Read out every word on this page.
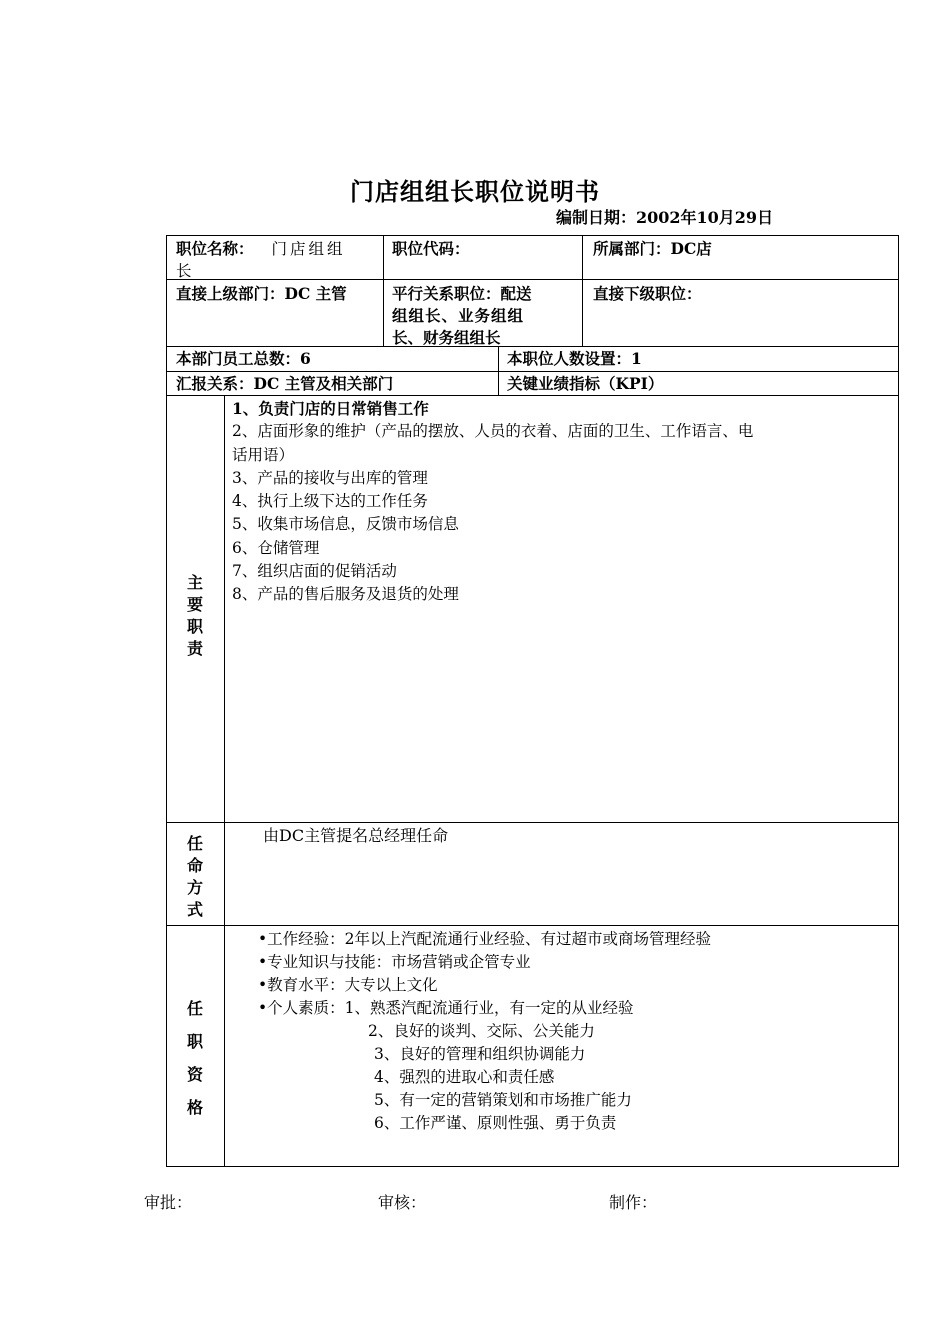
门店组组长职位说明书
编制日期：2002年10月29日
职位名称： 门店组组
长
职位代码：	所属部门：DC店
直接上级部门：DC 主管	平行关系职位：配送
组组长、业务组组
长、财务组组长
直接下级职位：
本部门员工总数：6	本职位人数设置：1
汇报关系：DC 主管及相关部门	关键业绩指标（KPI）
主
要
职
责
1、负责门店的日常销售工作
2、店面形象的维护（产品的摆放、人员的衣着、店面的卫生、工作语言、电
话用语）
3、产品的接收与出库的管理
4、执行上级下达的工作任务
5、收集市场信息，反馈市场信息
6、仓储管理
7、组织店面的促销活动
8、产品的售后服务及退货的处理
任
命
方
式
由DC主管提名总经理任命
任
职
资
格
•工作经验：2年以上汽配流通行业经验、有过超市或商场管理经验
•专业知识与技能：市场营销或企管专业
•教育水平：大专以上文化
•个人素质：1、熟悉汽配流通行业，有一定的从业经验
2、良好的谈判、交际、公关能力
3、良好的管理和组织协调能力
4、强烈的进取心和责任感
5、有一定的营销策划和市场推广能力
6、工作严谨、原则性强、勇于负责
审批：	审核：	制作：
